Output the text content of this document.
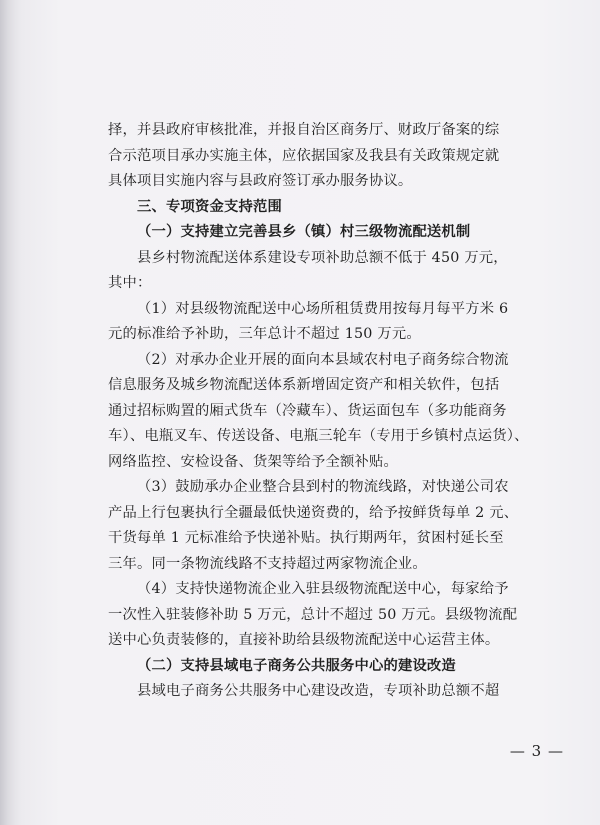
择，并县政府审核批准，并报自治区商务厅、财政厅备案的综
合示范项目承办实施主体，应依据国家及我县有关政策规定就
具体项目实施内容与县政府签订承办服务协议。
三、专项资金支持范围
（一）支持建立完善县乡（镇）村三级物流配送机制
县乡村物流配送体系建设专项补助总额不低于 450 万元，
其中：
（1）对县级物流配送中心场所租赁费用按每月每平方米 6
元的标准给予补助，三年总计不超过 150 万元。
（2）对承办企业开展的面向本县域农村电子商务综合物流
信息服务及城乡物流配送体系新增固定资产和相关软件，包括
通过招标购置的厢式货车（冷藏车）、货运面包车（多功能商务
车）、电瓶叉车、传送设备、电瓶三轮车（专用于乡镇村点运货）、
网络监控、安检设备、货架等给予全额补贴。
（3）鼓励承办企业整合县到村的物流线路，对快递公司农
产品上行包裹执行全疆最低快递资费的，给予按鲜货每单 2 元、
干货每单 1 元标准给予快递补贴。执行期两年，贫困村延长至
三年。同一条物流线路不支持超过两家物流企业。
（4）支持快递物流企业入驻县级物流配送中心，每家给予
一次性入驻装修补助 5 万元，总计不超过 50 万元。县级物流配
送中心负责装修的，直接补助给县级物流配送中心运营主体。
（二）支持县域电子商务公共服务中心的建设改造
县域电子商务公共服务中心建设改造，专项补助总额不超
— 3 —
